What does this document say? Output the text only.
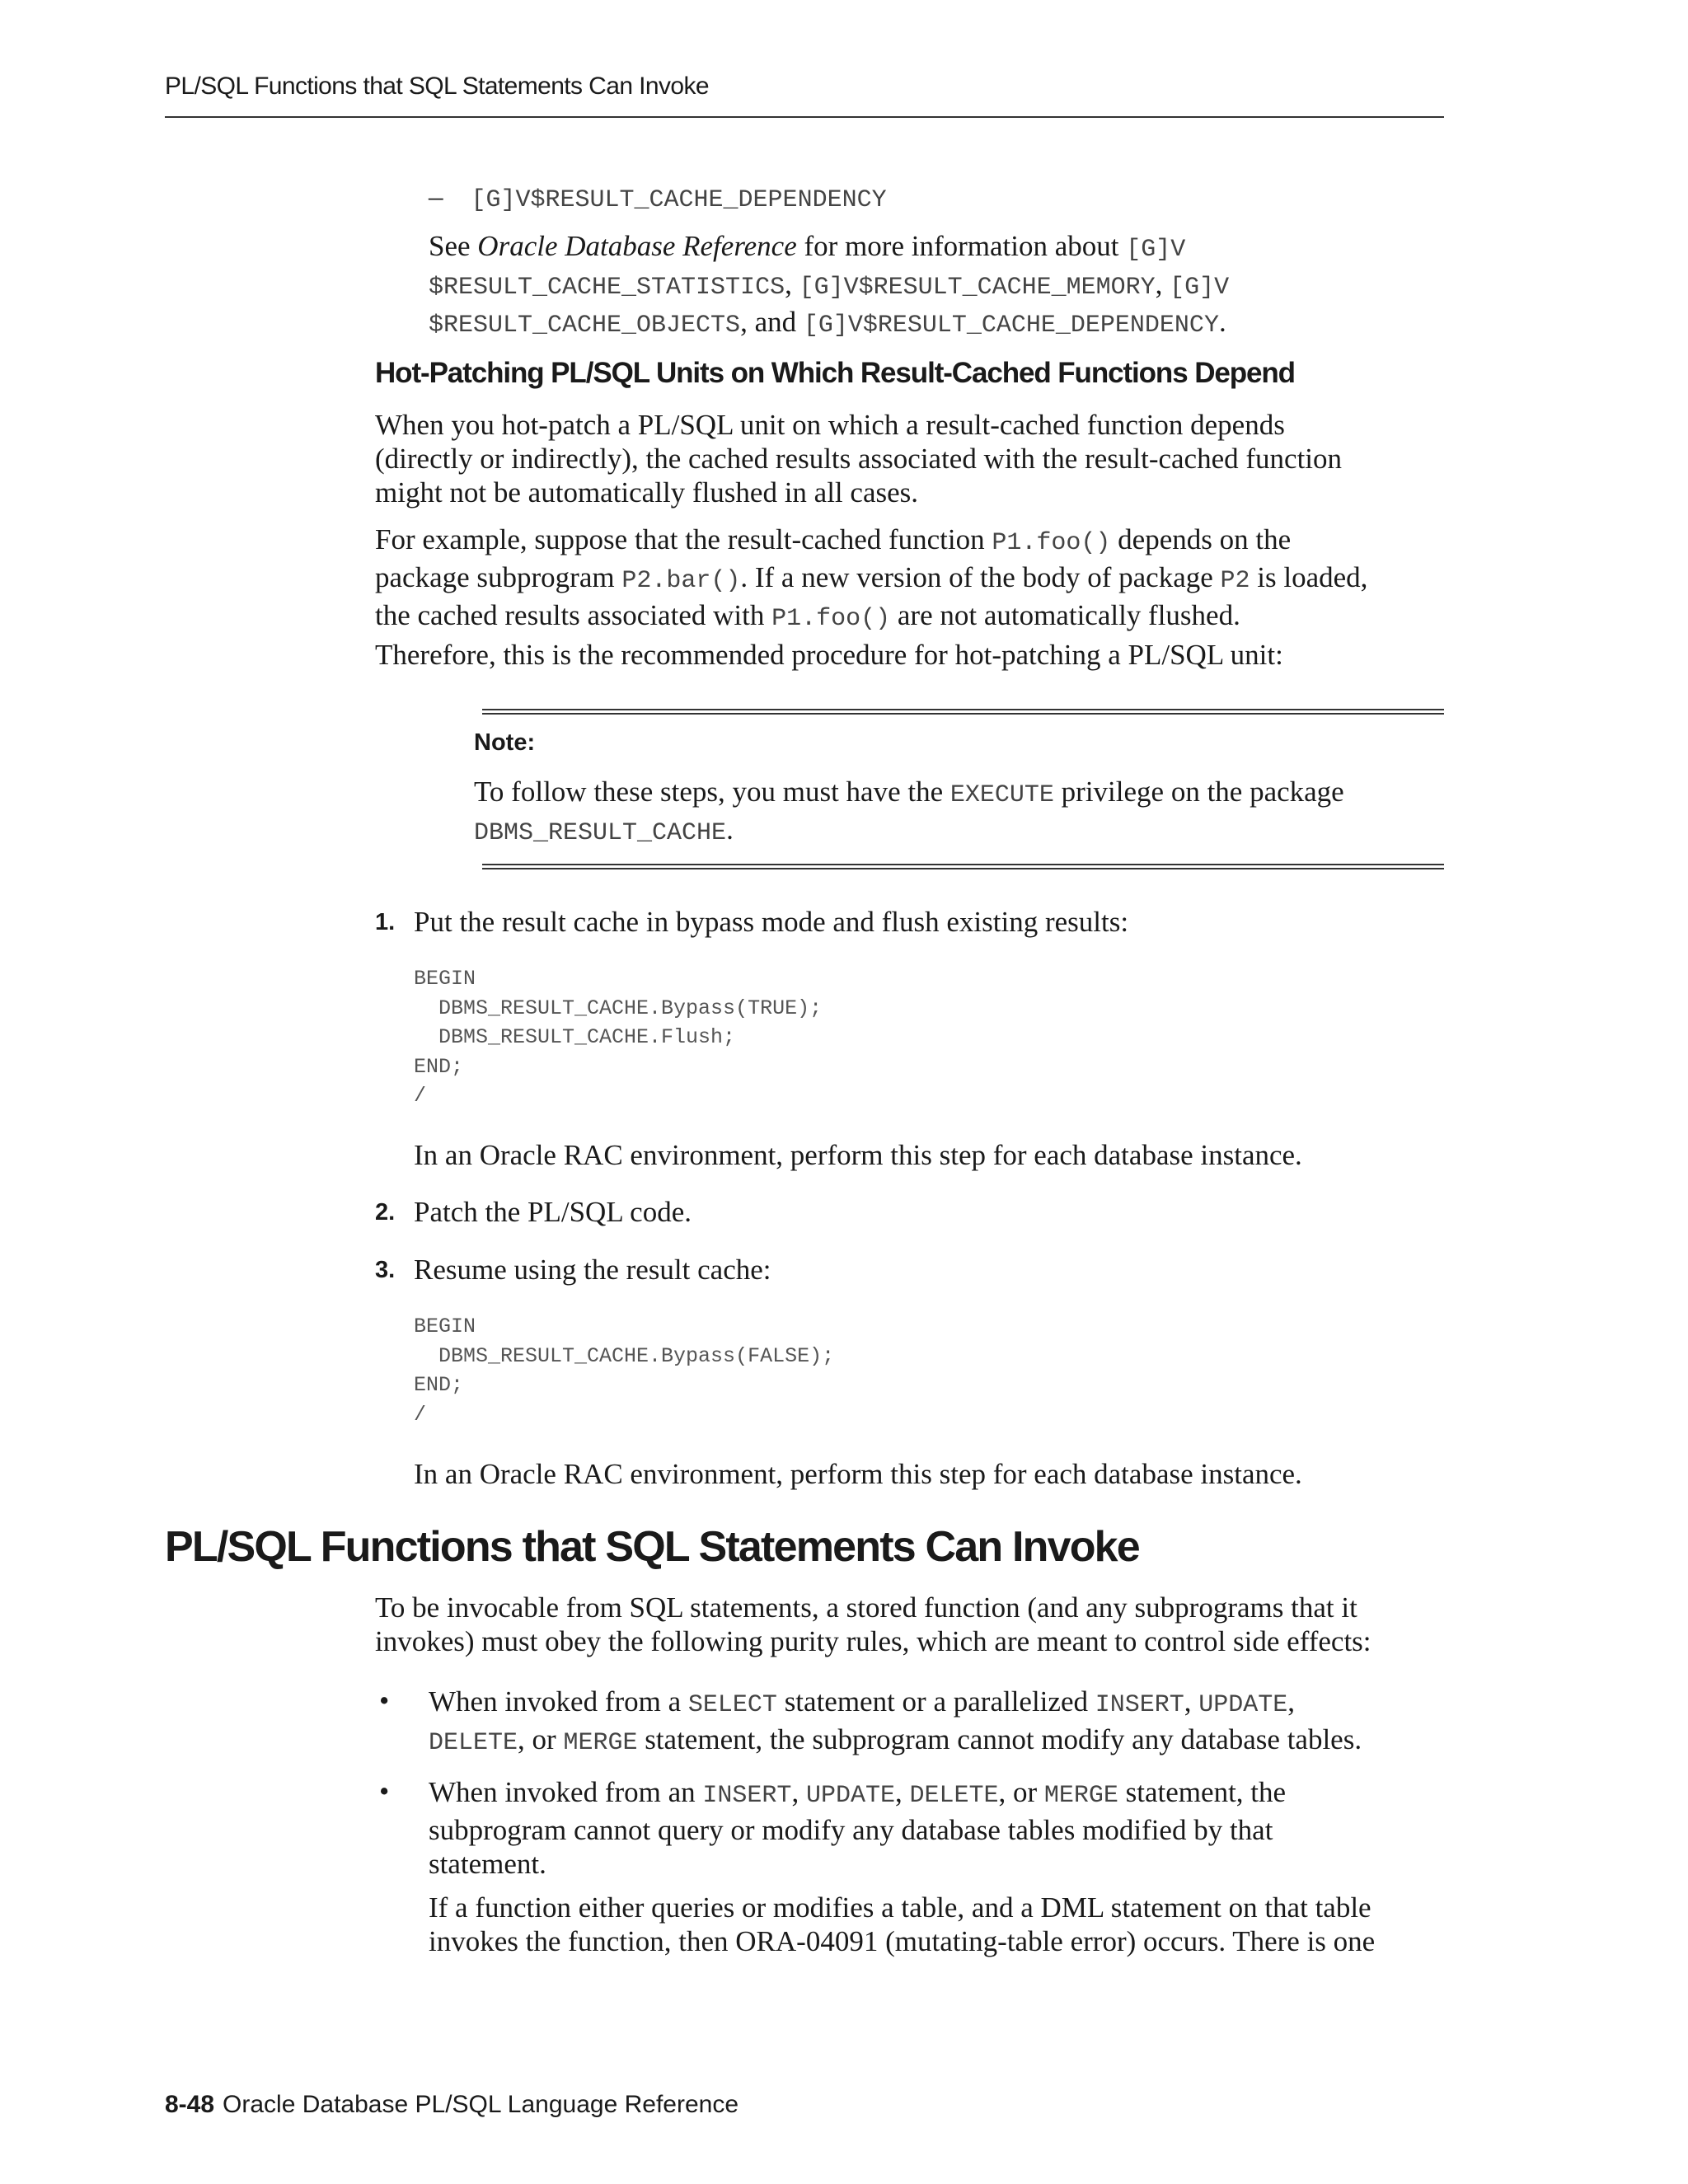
PL/SQL Functions that SQL Statements Can Invoke
– [G]V$RESULT_CACHE_DEPENDENCY
See Oracle Database Reference for more information about [G]V
$RESULT_CACHE_STATISTICS, [G]V$RESULT_CACHE_MEMORY, [G]V
$RESULT_CACHE_OBJECTS, and [G]V$RESULT_CACHE_DEPENDENCY.
Hot-Patching PL/SQL Units on Which Result-Cached Functions Depend
When you hot-patch a PL/SQL unit on which a result-cached function depends
(directly or indirectly), the cached results associated with the result-cached function
might not be automatically flushed in all cases.
For example, suppose that the result-cached function P1.foo() depends on the
package subprogram P2.bar(). If a new version of the body of package P2 is loaded,
the cached results associated with P1.foo() are not automatically flushed.
Therefore, this is the recommended procedure for hot-patching a PL/SQL unit:
Note:
To follow these steps, you must have the EXECUTE privilege on the package
DBMS_RESULT_CACHE.
1. Put the result cache in bypass mode and flush existing results:
BEGIN
DBMS_RESULT_CACHE.Bypass(TRUE);
DBMS_RESULT_CACHE.Flush;
END;
/
In an Oracle RAC environment, perform this step for each database instance.
2. Patch the PL/SQL code.
3. Resume using the result cache:
BEGIN
DBMS_RESULT_CACHE.Bypass(FALSE);
END;
/
In an Oracle RAC environment, perform this step for each database instance.
PL/SQL Functions that SQL Statements Can Invoke
To be invocable from SQL statements, a stored function (and any subprograms that it
invokes) must obey the following purity rules, which are meant to control side effects:
• When invoked from a SELECT statement or a parallelized INSERT, UPDATE,
DELETE, or MERGE statement, the subprogram cannot modify any database tables.
• When invoked from an INSERT, UPDATE, DELETE, or MERGE statement, the
subprogram cannot query or modify any database tables modified by that
statement.
If a function either queries or modifies a table, and a DML statement on that table
invokes the function, then ORA-04091 (mutating-table error) occurs. There is one
8-48 Oracle Database PL/SQL Language Reference
